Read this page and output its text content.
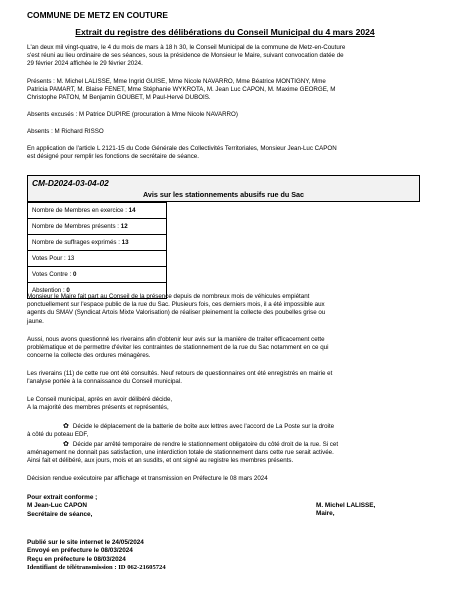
COMMUNE DE METZ EN COUTURE
Extrait du registre des délibérations du Conseil Municipal du 4 mars 2024

L'an deux mil vingt-quatre, le 4 du mois de mars à 18 h 30, le Conseil Municipal de la commune de Metz-en-Couture
s'est réuni au lieu ordinaire de ses séances, sous la présidence de Monsieur le Maire, suivant convocation datée de
29 février 2024 affichée le 29 février 2024.

Présents : M. Michel LALISSE, Mme Ingrid GUISE, Mme Nicole NAVARRO, Mme Béatrice MONTIGNY, Mme
Patricia PAMART, M. Blaise FENET, Mme Stéphanie WYKROTA, M. Jean Luc CAPON, M. Maxime GEORGE, M
Christophe PATON, M Benjamin GOUBET, M Paul-Hervé DUBOIS.

Absents excusés : M Patrice DUPIRE (procuration à Mme Nicole NAVARRO)

Absents : M Richard RISSO

En application de l'article L 2121-15 du Code Générale des Collectivités Territoriales, Monsieur Jean-Luc CAPON
est désigné pour remplir les fonctions de secrétaire de séance.

CM-D2024-03-04-02
Avis sur les stationnements abusifs rue du Sac
Nombre de Membres en exercice : 14
Nombre de Membres présents : 12
Nombre de suffrages exprimés : 13
Votes Pour : 13
Votes Contre : 0
Abstention : 0

Monsieur le Maire fait part au Conseil de la présence depuis de nombreux mois de véhicules empiétant
ponctuellement sur l'espace public de la rue du Sac. Plusieurs fois, ces derniers mois, il a été impossible aux
agents du SMAV (Syndicat Artois Mixte Valorisation) de réaliser pleinement la collecte des poubelles grise ou
jaune.

Aussi, nous avons questionné les riverains afin d'obtenir leur avis sur la manière de traiter efficacement cette
problématique et de permettre d'éviter les contraintes de stationnement de la rue du Sac notamment en ce qui
concerne la collecte des ordures ménagères.

Les riverains (11) de cette rue ont été consultés. Neuf retours de questionnaires ont été enregistrés en mairie et
l'analyse portée à la connaissance du Conseil municipal.

Le Conseil municipal, après en avoir délibéré décide,
A la majorité des membres présents et représentés,

✿ Décide le déplacement de la batterie de boîte aux lettres avec l'accord de La Poste sur la droite
à côté du poteau EDF,

✿ Décide par arrêté temporaire de rendre le stationnement obligatoire du côté droit de la rue. Si cet
aménagement ne donnait pas satisfaction, une interdiction totale de stationnement dans cette rue serait activée.
Ainsi fait et délibéré, aux jours, mois et an susdits, et ont signé au registre les membres présents.

Décision rendue exécutoire par affichage et transmission en Préfecture le 08 mars 2024

Pour extrait conforme ;
M Jean-Luc CAPON
Secrétaire de séance,
M. Michel LALISSE,
Maire,
Publié sur le site internet le 24/05/2024
Envoyé en préfecture le 08/03/2024
Reçu en préfecture le 08/03/2024
Identifiant de télétransmission : ID 062-21605724
